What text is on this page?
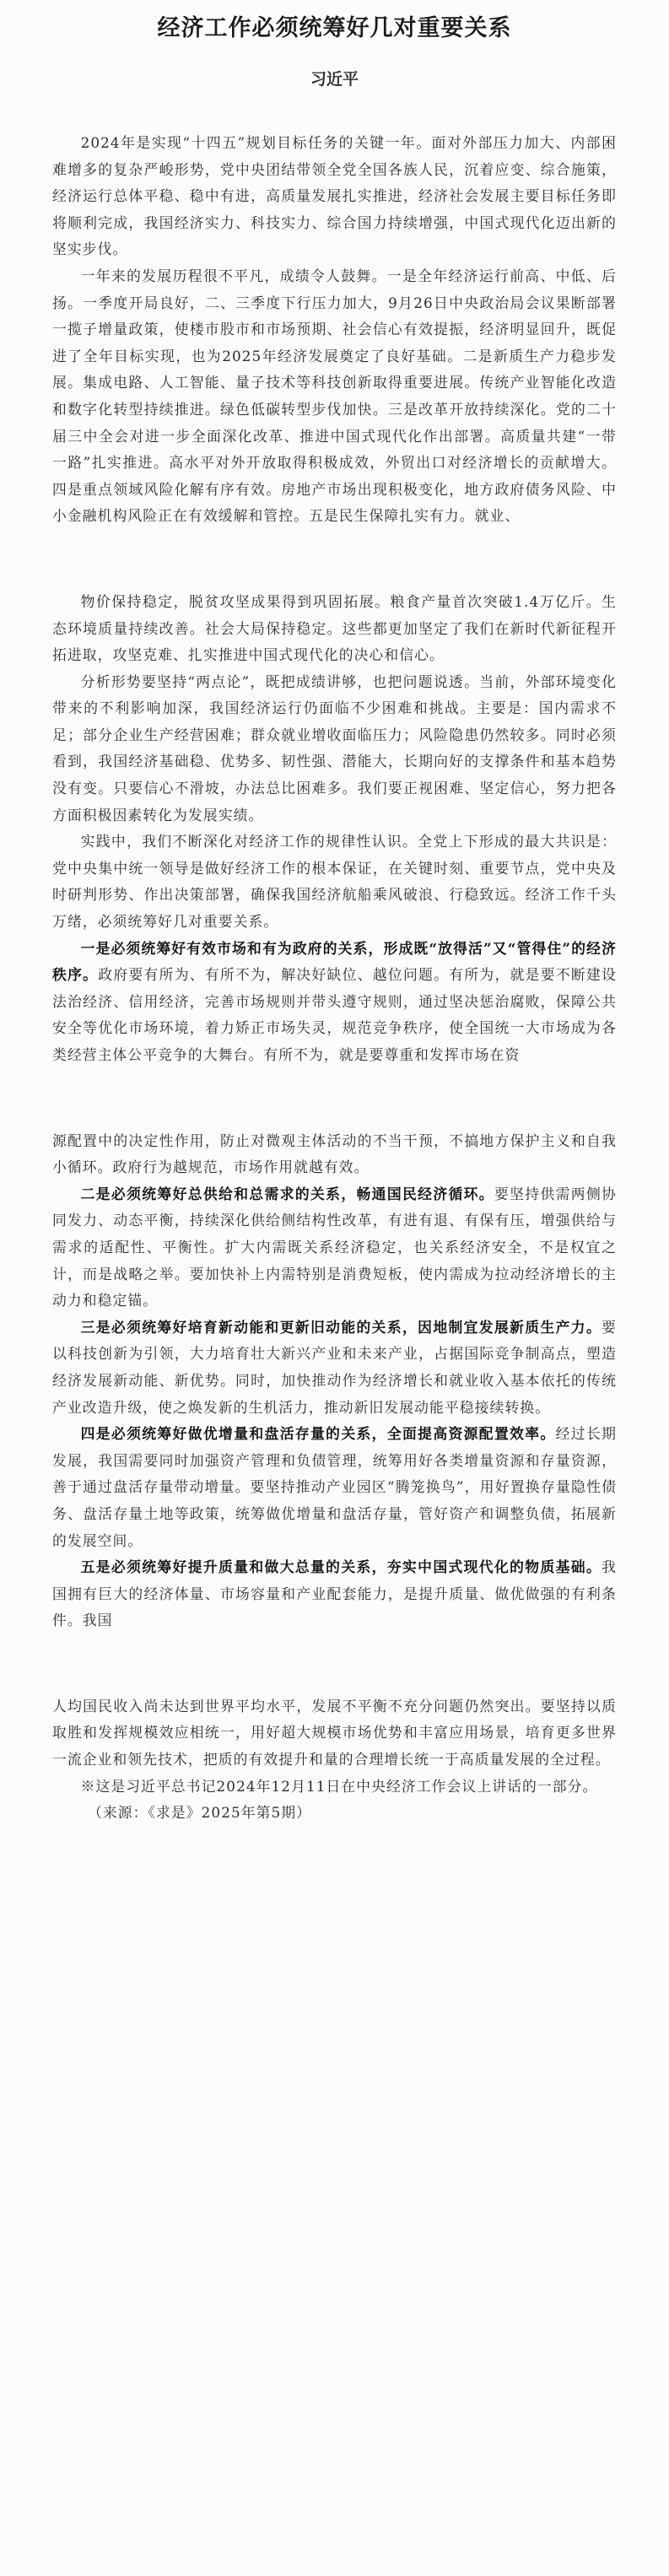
经济工作必须统筹好几对重要关系
习近平

2024年是实现“十四五”规划目标任务的关键一年。面对外部压力加大、内部困难增多的复杂严峻形势，党中央团结带领全党全国各族人民，沉着应变、综合施策，经济运行总体平稳、稳中有进，高质量发展扎实推进，经济社会发展主要目标任务即将顺利完成，我国经济实力、科技实力、综合国力持续增强，中国式现代化迈出新的坚实步伐。

一年来的发展历程很不平凡，成绩令人鼓舞。一是全年经济运行前高、中低、后扬。一季度开局良好，二、三季度下行压力加大，9月26日中央政治局会议果断部署一揽子增量政策，使楼市股市和市场预期、社会信心有效提振，经济明显回升，既促进了全年目标实现，也为2025年经济发展奠定了良好基础。二是新质生产力稳步发展。集成电路、人工智能、量子技术等科技创新取得重要进展。传统产业智能化改造和数字化转型持续推进。绿色低碳转型步伐加快。三是改革开放持续深化。党的二十届三中全会对进一步全面深化改革、推进中国式现代化作出部署。高质量共建“一带一路”扎实推进。高水平对外开放取得积极成效，外贸出口对经济增长的贡献增大。四是重点领域风险化解有序有效。房地产市场出现积极变化，地方政府债务风险、中小金融机构风险正在有效缓解和管控。五是民生保障扎实有力。就业、

物价保持稳定，脱贫攻坚成果得到巩固拓展。粮食产量首次突破1.4万亿斤。生态环境质量持续改善。社会大局保持稳定。这些都更加坚定了我们在新时代新征程开拓进取，攻坚克难、扎实推进中国式现代化的决心和信心。

分析形势要坚持“两点论”，既把成绩讲够，也把问题说透。当前，外部环境变化带来的不利影响加深，我国经济运行仍面临不少困难和挑战。主要是：国内需求不足；部分企业生产经营困难；群众就业增收面临压力；风险隐患仍然较多。同时必须看到，我国经济基础稳、优势多、韧性强、潜能大，长期向好的支撑条件和基本趋势没有变。只要信心不滑坡，办法总比困难多。我们要正视困难、坚定信心，努力把各方面积极因素转化为发展实绩。

实践中，我们不断深化对经济工作的规律性认识。全党上下形成的最大共识是：党中央集中统一领导是做好经济工作的根本保证，在关键时刻、重要节点，党中央及时研判形势、作出决策部署，确保我国经济航船乘风破浪、行稳致远。经济工作千头万绪，必须统筹好几对重要关系。

一是必须统筹好有效市场和有为政府的关系，形成既“放得活”又“管得住”的经济秩序。政府要有所为、有所不为，解决好缺位、越位问题。有所为，就是要不断建设法治经济、信用经济，完善市场规则并带头遵守规则，通过坚决惩治腐败，保障公共安全等优化市场环境，着力矫正市场失灵，规范竞争秩序，使全国统一大市场成为各类经营主体公平竞争的大舞台。有所不为，就是要尊重和发挥市场在资

源配置中的决定性作用，防止对微观主体活动的不当干预，不搞地方保护主义和自我小循环。政府行为越规范，市场作用就越有效。

二是必须统筹好总供给和总需求的关系，畅通国民经济循环。要坚持供需两侧协同发力、动态平衡，持续深化供给侧结构性改革，有进有退、有保有压，增强供给与需求的适配性、平衡性。扩大内需既关系经济稳定，也关系经济安全，不是权宜之计，而是战略之举。要加快补上内需特别是消费短板，使内需成为拉动经济增长的主动力和稳定锚。

三是必须统筹好培育新动能和更新旧动能的关系，因地制宜发展新质生产力。要以科技创新为引领，大力培育壮大新兴产业和未来产业，占据国际竞争制高点，塑造经济发展新动能、新优势。同时，加快推动作为经济增长和就业收入基本依托的传统产业改造升级，使之焕发新的生机活力，推动新旧发展动能平稳接续转换。

四是必须统筹好做优增量和盘活存量的关系，全面提高资源配置效率。经过长期发展，我国需要同时加强资产管理和负债管理，统筹用好各类增量资源和存量资源，善于通过盘活存量带动增量。要坚持推动产业园区“腾笼换鸟”，用好置换存量隐性债务、盘活存量土地等政策，统筹做优增量和盘活存量，管好资产和调整负债，拓展新的发展空间。

五是必须统筹好提升质量和做大总量的关系，夯实中国式现代化的物质基础。我国拥有巨大的经济体量、市场容量和产业配套能力，是提升质量、做优做强的有利条件。我国

人均国民收入尚未达到世界平均水平，发展不平衡不充分问题仍然突出。要坚持以质取胜和发挥规模效应相统一，用好超大规模市场优势和丰富应用场景，培育更多世界一流企业和领先技术，把质的有效提升和量的合理增长统一于高质量发展的全过程。

※这是习近平总书记2024年12月11日在中央经济工作会议上讲话的一部分。

（来源：《求是》2025年第5期）
